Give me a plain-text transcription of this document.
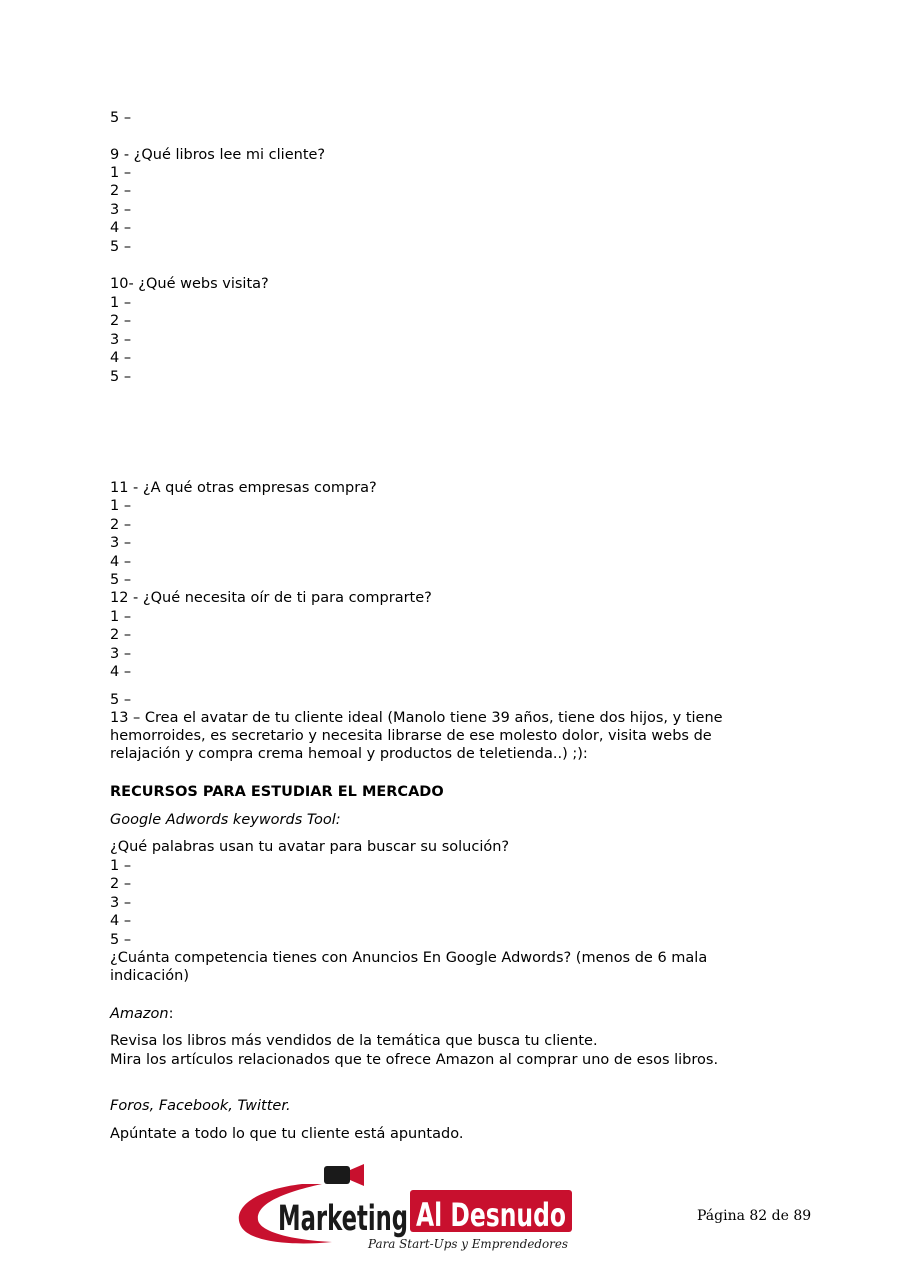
5 –
9 - ¿Qué libros lee mi cliente?
1 –
2 –
3 –
4 –
5 –
10- ¿Qué webs visita?
1 –
2 –
3 –
4 –
5 –
11 - ¿A qué otras empresas compra?
1 –
2 –
3 –
4 –
5 –
12 - ¿Qué necesita oír de ti para comprarte?
1 –
2 –
3 –
4 –
5 –
13 – Crea el avatar de tu cliente ideal (Manolo tiene 39 años, tiene dos hijos, y tiene hemorroides, es secretario y necesita librarse de ese molesto dolor, visita webs de relajación y compra crema hemoal y productos de teletienda..) ;):
RECURSOS PARA ESTUDIAR EL MERCADO
Google Adwords keywords Tool:
¿Qué palabras usan tu avatar para buscar su solución?
1 –
2 –
3 –
4 –
5 –
¿Cuánta competencia tienes con Anuncios En Google Adwords? (menos de 6 mala indicación)
Amazon:
Revisa los libros más vendidos de la temática que busca tu cliente.
Mira los artículos relacionados que te ofrece Amazon al comprar uno de esos libros.
Foros, Facebook, Twitter.
Apúntate a todo lo que tu cliente está apuntado.
Marketing Al Desnudo
Para Start-Ups y Emprendedores
Página 82 de 89
